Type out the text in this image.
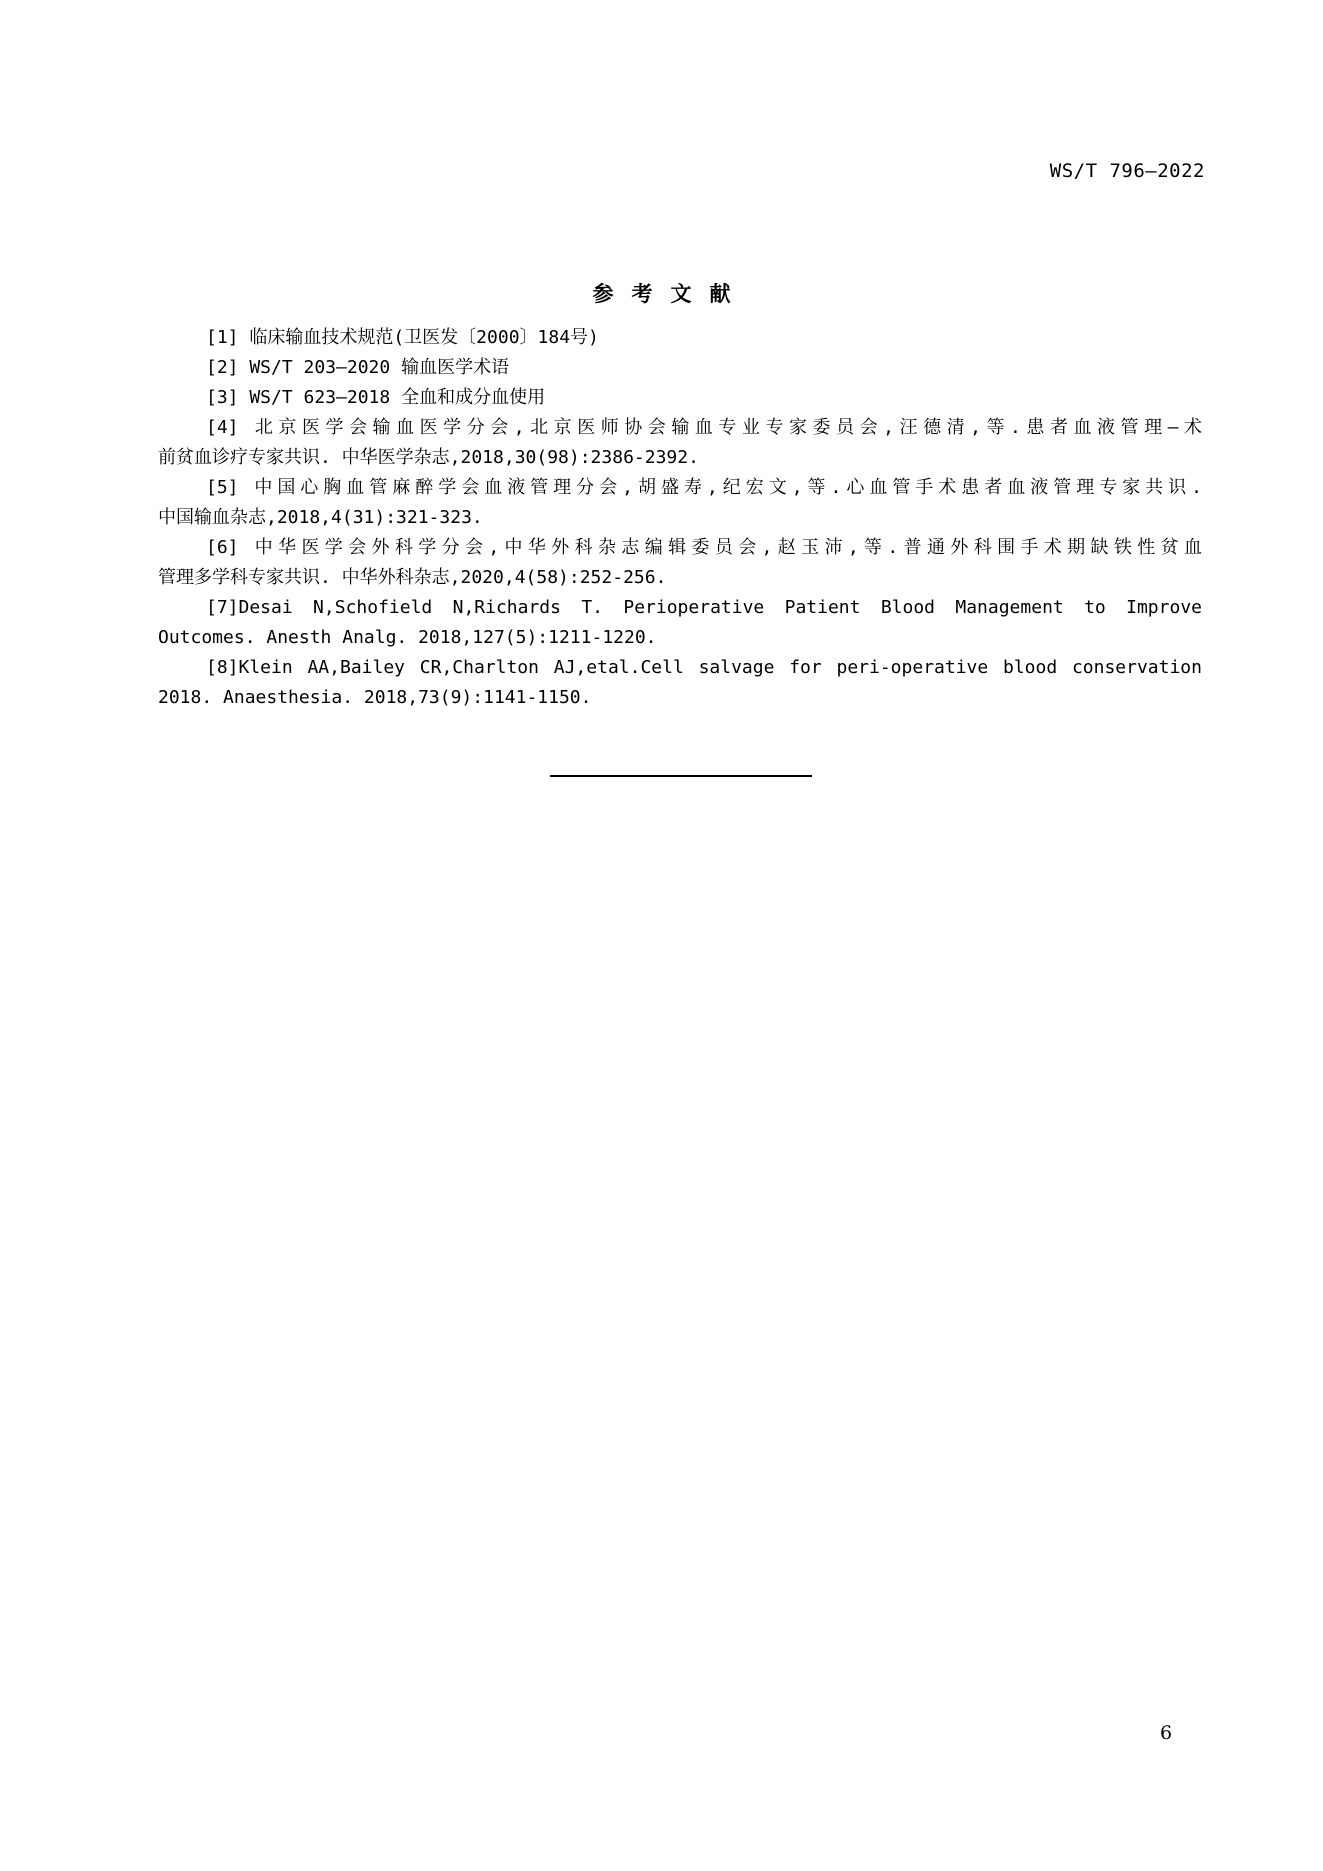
WS/T 796—2022
参考文献
[1] 临床输血技术规范(卫医发〔2000〕184号)
[2] WS/T 203—2020 输血医学术语
[3] WS/T 623—2018 全血和成分血使用
[4] 北京医学会输血医学分会,北京医师协会输血专业专家委员会,汪德清,等.患者血液管理—术
前贫血诊疗专家共识. 中华医学杂志,2018,30(98):2386-2392.
[5] 中国心胸血管麻醉学会血液管理分会,胡盛寿,纪宏文,等.心血管手术患者血液管理专家共识.
中国输血杂志,2018,4(31):321-323.
[6] 中华医学会外科学分会,中华外科杂志编辑委员会,赵玉沛,等.普通外科围手术期缺铁性贫血
管理多学科专家共识. 中华外科杂志,2020,4(58):252-256.
[7]Desai N,Schofield N,Richards T. Perioperative Patient Blood Management to Improve
Outcomes. Anesth Analg. 2018,127(5):1211-1220.
[8]Klein AA,Bailey CR,Charlton AJ,etal.Cell salvage for peri-operative blood conservation
2018. Anaesthesia. 2018,73(9):1141-1150.
6
